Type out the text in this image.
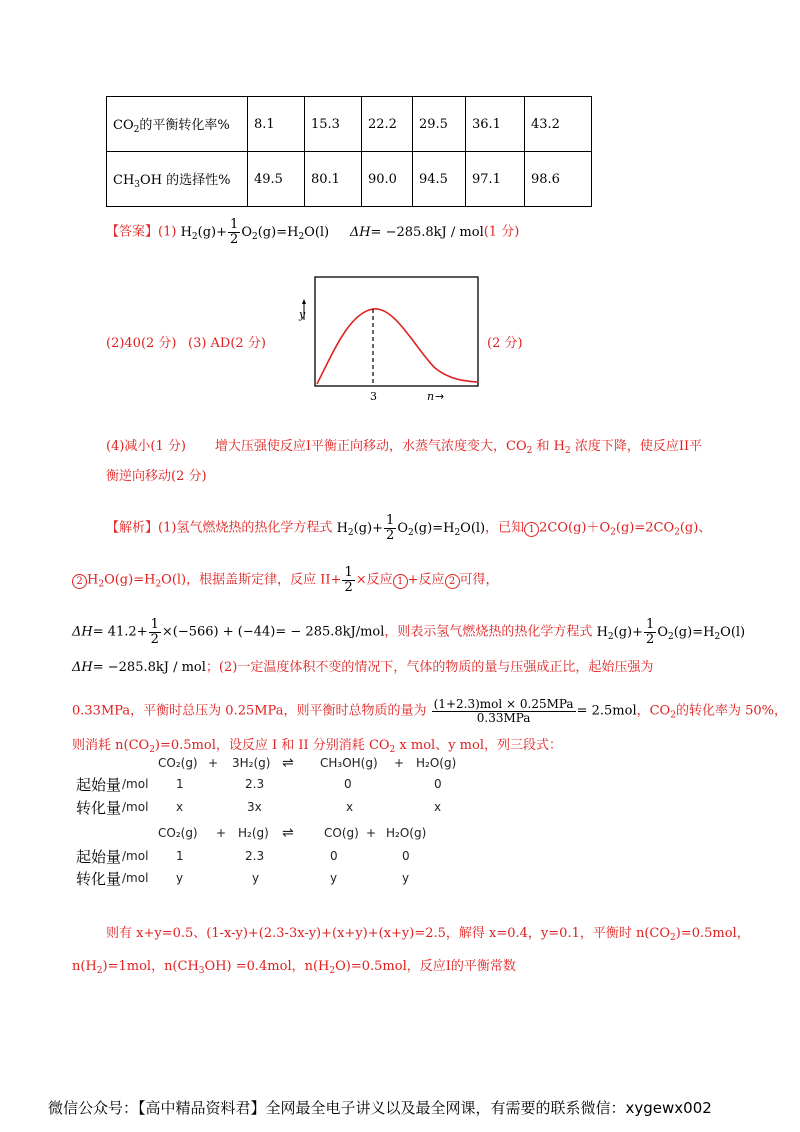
$CO_2$的平衡转化率%	8.1	15.3	22.2	29.5	36.1	43.2
$CH_3OH$ 的选择性%	49.5	80.1	90.0	94.5	97.1	98.6
【答案】(1) $H_2(g)+ \frac{1}{2} O_2(g)=H_2O(l)$ ΔH= −285.8kJ / mol(1 分)
(2)40(2 分) (3) AD(2 分)	(2 分)
y
3	n →
(4)减小(1 分) 增大压强使反应I平衡正向移动，水蒸气浓度变大，$CO_2$ 和 $H_2$ 浓度下降，使反应II平
衡逆向移动(2 分)
【解析】(1)氢气燃烧热的热化学方程式 $H_2(g)+ \frac{1}{2} O_2(g)=H_2O(l)$，已知 1 $2CO(g)+O_2(g)=2CO_2(g)$、
2 $H_2O(g)=H_2O(l)$，根据盖斯定律，反应 $II+ \frac{1}{2}$ ×反应 1 +反应 2 可得，
$\Delta H= 41.2+ \frac{1}{2} \times(-566) + (-44)= - 285.8kJ/mol$，则表示氢气燃烧热的热化学方程式 $H_2(g)+ \frac{1}{2} O_2(g)=H_2O(l)$
ΔH= −285.8kJ / mol；(2)一定温度体积不变的情况下，气体的物质的量与压强成正比，起始压强为
0.33MPa，平衡时总压为 0.25MPa，则平衡时总物质的量为 $\frac{\text{(1+2.3)mol × 0.25MPa}}{\text{0.33MPa}} = 2.5mol$，$CO_2$的转化率为 50%，
则消耗 $n(CO_2)=0.5mol$，设反应 I 和 II 分别消耗 $CO_2$ x mol、y mol，列三段式：
CO₂(g) + 3H₂(g) ⇌ CH₃OH(g) + H₂O(g)
起始量 /mol 1	2.3	0	0
转化量 /mol x	3x	x	x
CO₂(g) + H₂(g) ⇌	CO(g) + H₂O(g)
起始量 /mol 1	2.3	0	0
转化量 /mol y	y	y	y
则有 x+y=0.5、(1-x-y)+(2.3-3x-y)+(x+y)+(x+y)=2.5，解得 x=0.4，y=0.1，平衡时 $n(CO_2)=0.5mol$，
$n(H_2)=1mol$，$n(CH_3OH) =0.4mol$，$n(H_2O)=0.5mol$，反应I的平衡常数
微信公众号：【高中精品资料君】全网最全电子讲义以及最全网课，有需要的联系微信：xygewx002
